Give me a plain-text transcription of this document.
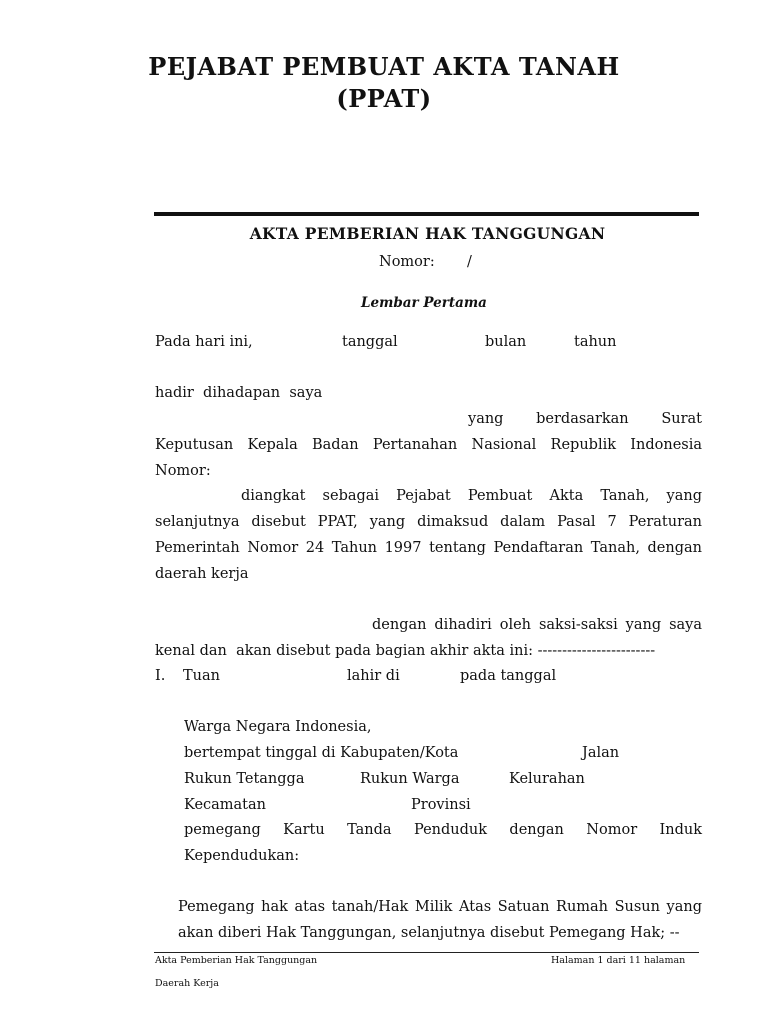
PEJABAT PEMBUAT AKTA TANAH
(PPAT)
AKTA PEMBERIAN HAK TANGGUNGAN
Nomor: /
Lembar Pertama
Pada hari ini,	tanggal	bulan	tahun
hadir  dihadapan  saya
yang berdasarkan Surat
Keputusan Kepala Badan Pertanahan Nasional Republik Indonesia
Nomor:
diangkat sebagai Pejabat Pembuat Akta Tanah, yang
selanjutnya disebut PPAT, yang dimaksud dalam Pasal 7 Peraturan
Pemerintah Nomor 24 Tahun 1997 tentang Pendaftaran Tanah, dengan
daerah kerja
dengan dihadiri oleh saksi-saksi yang saya
kenal dan  akan disebut pada bagian akhir akta ini: ------------------------
I. Tuan	lahir di	pada tanggal
Warga Negara Indonesia,
bertempat tinggal di Kabupaten/Kota	Jalan
Rukun Tetangga	Rukun Warga	Kelurahan
Kecamatan	Provinsi
pemegang Kartu Tanda Penduduk dengan Nomor Induk
Kependudukan:
Pemegang hak atas tanah/Hak Milik Atas Satuan Rumah Susun yang
akan diberi Hak Tanggungan, selanjutnya disebut Pemegang Hak; --
Akta Pemberian Hak Tanggungan	Halaman 1 dari 11 halaman
Daerah Kerja
